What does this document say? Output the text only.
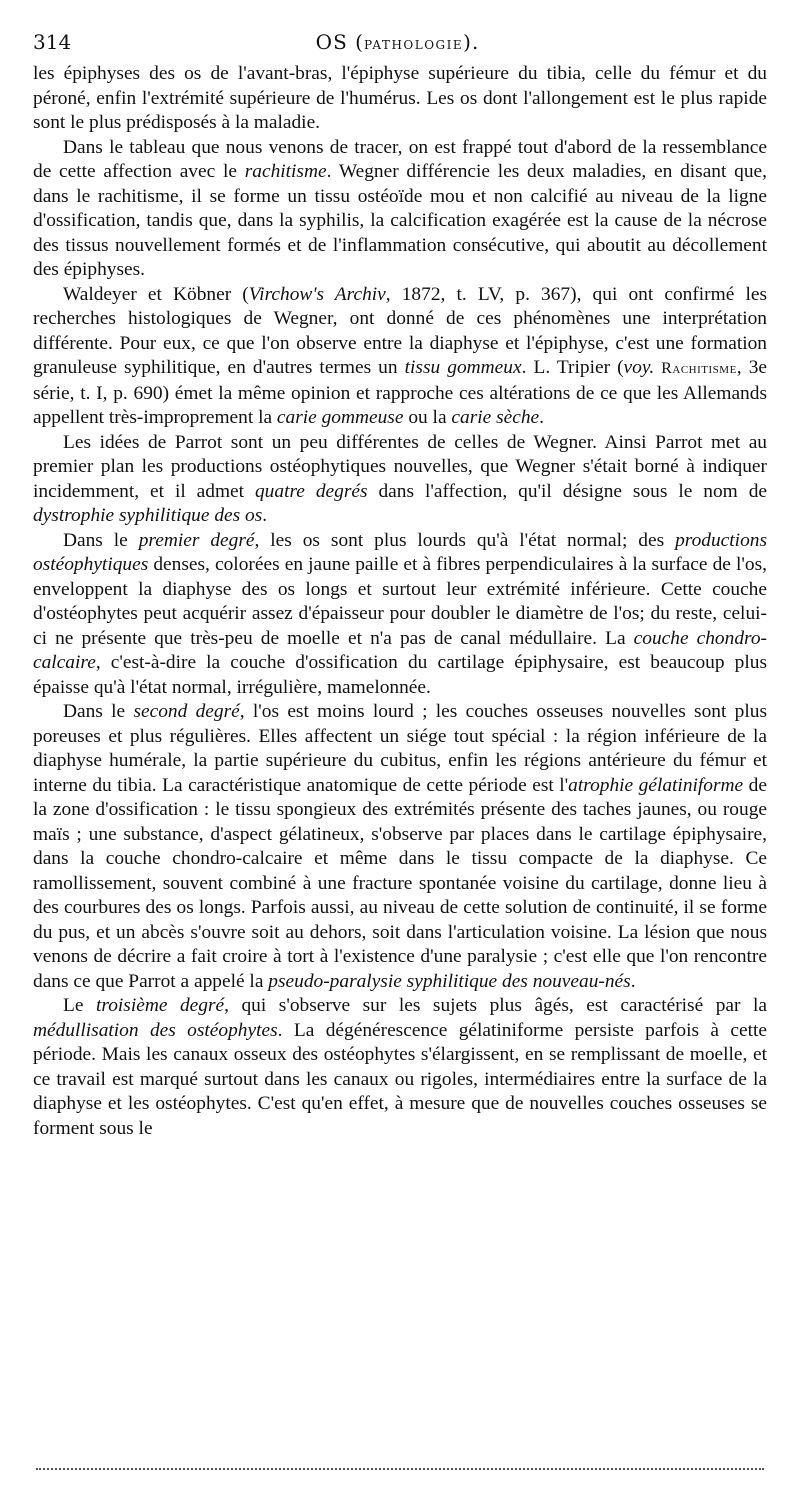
314	OS (PATHOLOGIE).

les épiphyses des os de l'avant-bras, l'épiphyse supérieure du tibia, celle du fémur et du péroné, enfin l'extrémité supérieure de l'humérus. Les os dont l'allongement est le plus rapide sont le plus prédisposés à la maladie.

Dans le tableau que nous venons de tracer, on est frappé tout d'abord de la ressemblance de cette affection avec le rachitisme. Wegner différencie les deux maladies, en disant que, dans le rachitisme, il se forme un tissu ostéoïde mou et non calcifié au niveau de la ligne d'ossification, tandis que, dans la syphilis, la calcification exagérée est la cause de la nécrose des tissus nouvellement formés et de l'inflammation consécutive, qui aboutit au décollement des épiphyses.

Waldeyer et Köbner (Virchow's Archiv, 1872, t. LV, p. 367), qui ont confirmé les recherches histologiques de Wegner, ont donné de ces phénomènes une interprétation différente. Pour eux, ce que l'on observe entre la diaphyse et l'épiphyse, c'est une formation granuleuse syphilitique, en d'autres termes un tissu gommeux. L. Tripier (voy. Rachitisme, 3e série, t. I, p. 690) émet la même opinion et rapproche ces altérations de ce que les Allemands appellent très-improprement la carie gommeuse ou la carie sèche.

Les idées de Parrot sont un peu différentes de celles de Wegner. Ainsi Parrot met au premier plan les productions ostéophytiques nouvelles, que Wegner s'était borné à indiquer incidemment, et il admet quatre degrés dans l'affection, qu'il désigne sous le nom de dystrophie syphilitique des os.

Dans le premier degré, les os sont plus lourds qu'à l'état normal; des productions ostéophytiques denses, colorées en jaune paille et à fibres perpendiculaires à la surface de l'os, enveloppent la diaphyse des os longs et surtout leur extrémité inférieure. Cette couche d'ostéophytes peut acquérir assez d'épaisseur pour doubler le diamètre de l'os; du reste, celui-ci ne présente que très-peu de moelle et n'a pas de canal médullaire. La couche chondro-calcaire, c'est-à-dire la couche d'ossification du cartilage épiphysaire, est beaucoup plus épaisse qu'à l'état normal, irrégulière, mamelonnée.

Dans le second degré, l'os est moins lourd ; les couches osseuses nouvelles sont plus poreuses et plus régulières. Elles affectent un siége tout spécial : la région inférieure de la diaphyse humérale, la partie supérieure du cubitus, enfin les régions antérieure du fémur et interne du tibia. La caractéristique anatomique de cette période est l'atrophie gélatiniforme de la zone d'ossification : le tissu spongieux des extrémités présente des taches jaunes, ou rouge maïs ; une substance, d'aspect gélatineux, s'observe par places dans le cartilage épiphysaire, dans la couche chondro-calcaire et même dans le tissu compacte de la diaphyse. Ce ramollissement, souvent combiné à une fracture spontanée voisine du cartilage, donne lieu à des courbures des os longs. Parfois aussi, au niveau de cette solution de continuité, il se forme du pus, et un abcès s'ouvre soit au dehors, soit dans l'articulation voisine. La lésion que nous venons de décrire a fait croire à tort à l'existence d'une paralysie ; c'est elle que l'on rencontre dans ce que Parrot a appelé la pseudo-paralysie syphilitique des nouveau-nés.

Le troisième degré, qui s'observe sur les sujets plus âgés, est caractérisé par la médullisation des ostéophytes. La dégénérescence gélatiniforme persiste parfois à cette période. Mais les canaux osseux des ostéophytes s'élargissent, en se remplissant de moelle, et ce travail est marqué surtout dans les canaux ou rigoles, intermédiaires entre la surface de la diaphyse et les ostéophytes. C'est qu'en effet, à mesure que de nouvelles couches osseuses se forment sous le
